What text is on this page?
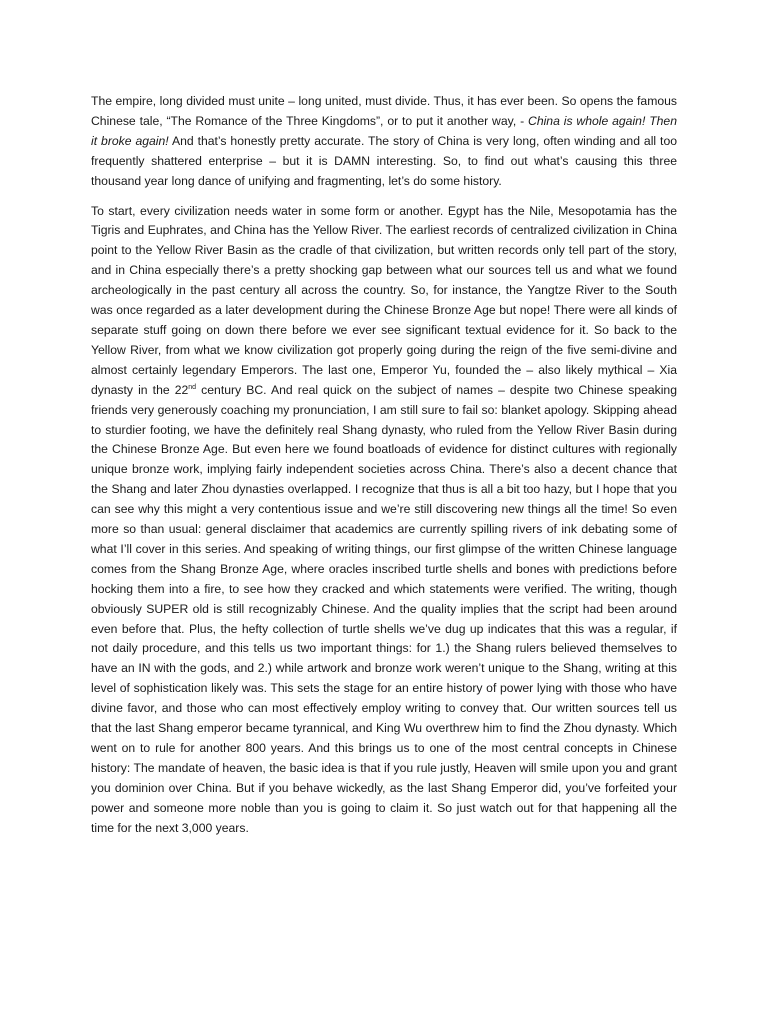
The empire, long divided must unite – long united, must divide. Thus, it has ever been. So opens the famous Chinese tale, “The Romance of the Three Kingdoms”, or to put it another way, - China is whole again! Then it broke again! And that’s honestly pretty accurate. The story of China is very long, often winding and all too frequently shattered enterprise – but it is DAMN interesting. So, to find out what’s causing this three thousand year long dance of unifying and fragmenting, let’s do some history.

To start, every civilization needs water in some form or another. Egypt has the Nile, Mesopotamia has the Tigris and Euphrates, and China has the Yellow River. The earliest records of centralized civilization in China point to the Yellow River Basin as the cradle of that civilization, but written records only tell part of the story, and in China especially there’s a pretty shocking gap between what our sources tell us and what we found archeologically in the past century all across the country. So, for instance, the Yangtze River to the South was once regarded as a later development during the Chinese Bronze Age but nope! There were all kinds of separate stuff going on down there before we ever see significant textual evidence for it. So back to the Yellow River, from what we know civilization got properly going during the reign of the five semi-divine and almost certainly legendary Emperors. The last one, Emperor Yu, founded the – also likely mythical – Xia dynasty in the 22nd century BC. And real quick on the subject of names – despite two Chinese speaking friends very generously coaching my pronunciation, I am still sure to fail so: blanket apology. Skipping ahead to sturdier footing, we have the definitely real Shang dynasty, who ruled from the Yellow River Basin during the Chinese Bronze Age. But even here we found boatloads of evidence for distinct cultures with regionally unique bronze work, implying fairly independent societies across China. There’s also a decent chance that the Shang and later Zhou dynasties overlapped. I recognize that thus is all a bit too hazy, but I hope that you can see why this might a very contentious issue and we’re still discovering new things all the time! So even more so than usual: general disclaimer that academics are currently spilling rivers of ink debating some of what I’ll cover in this series. And speaking of writing things, our first glimpse of the written Chinese language comes from the Shang Bronze Age, where oracles inscribed turtle shells and bones with predictions before hocking them into a fire, to see how they cracked and which statements were verified. The writing, though obviously SUPER old is still recognizably Chinese. And the quality implies that the script had been around even before that. Plus, the hefty collection of turtle shells we’ve dug up indicates that this was a regular, if not daily procedure, and this tells us two important things: for 1.) the Shang rulers believed themselves to have an IN with the gods, and 2.) while artwork and bronze work weren’t unique to the Shang, writing at this level of sophistication likely was. This sets the stage for an entire history of power lying with those who have divine favor, and those who can most effectively employ writing to convey that. Our written sources tell us that the last Shang emperor became tyrannical, and King Wu overthrew him to find the Zhou dynasty. Which went on to rule for another 800 years. And this brings us to one of the most central concepts in Chinese history: The mandate of heaven, the basic idea is that if you rule justly, Heaven will smile upon you and grant you dominion over China. But if you behave wickedly, as the last Shang Emperor did, you’ve forfeited your power and someone more noble than you is going to claim it. So just watch out for that happening all the time for the next 3,000 years.
